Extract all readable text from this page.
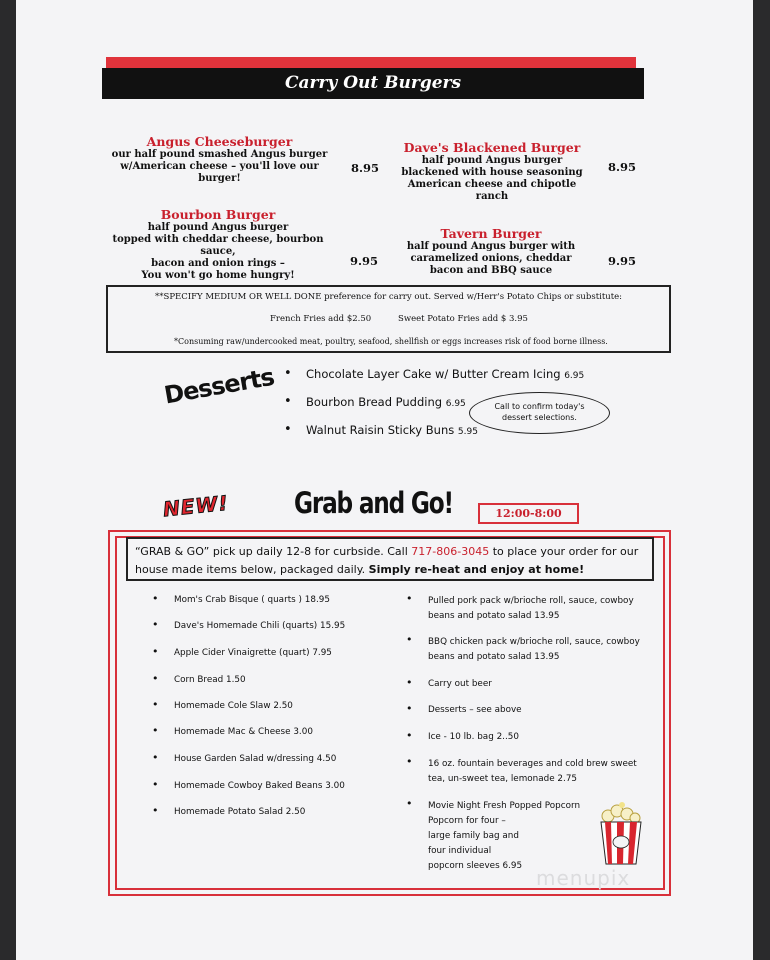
Carry Out Burgers
Angus Cheeseburger
our half pound smashed Angus burger
w/American cheese – you'll love our burger!
8.95
Dave's Blackened Burger
half pound Angus burger
blackened with house seasoning
American cheese and chipotle ranch
8.95
Bourbon Burger
half pound Angus burger
topped with cheddar cheese, bourbon sauce,
bacon and onion rings –
You won't go home hungry!
9.95
Tavern Burger
half pound Angus burger with
caramelized onions, cheddar
bacon and BBQ sauce
9.95
**SPECIFY MEDIUM OR WELL DONE preference for carry out. Served w/Herr's Potato Chips or substitute:
French Fries add $2.50	Sweet Potato Fries add $ 3.95
*Consuming raw/undercooked meat, poultry, seafood, shellfish or eggs increases risk of food borne illness.
Desserts • Chocolate Layer Cake w/ Butter Cream Icing 6.95
• Bourbon Bread Pudding 6.95
• Walnut Raisin Sticky Buns 5.95
Call to confirm today's
dessert selections.
NEW! Grab and Go!	12:00-8:00
“GRAB & GO” pick up daily 12-8 for curbside. Call 717-806-3045 to place your order for our
house made items below, packaged daily. Simply re-heat and enjoy at home!
• Mom's Crab Bisque ( quarts ) 18.95
• Dave's Homemade Chili (quarts) 15.95
• Apple Cider Vinaigrette (quart) 7.95
• Corn Bread 1.50
• Homemade Cole Slaw 2.50
• Homemade Mac & Cheese 3.00
• House Garden Salad w/dressing 4.50
• Homemade Cowboy Baked Beans 3.00
• Homemade Potato Salad 2.50
• Pulled pork pack w/brioche roll, sauce, cowboy
beans and potato salad 13.95
• BBQ chicken pack w/brioche roll, sauce, cowboy
beans and potato salad 13.95
• Carry out beer
• Desserts – see above
• Ice - 10 lb. bag 2..50
• 16 oz. fountain beverages and cold brew sweet
tea, un-sweet tea, lemonade 2.75
• Movie Night Fresh Popped Popcorn
Popcorn for four –
large family bag and
four individual
popcorn sleeves 6.95 menupix
